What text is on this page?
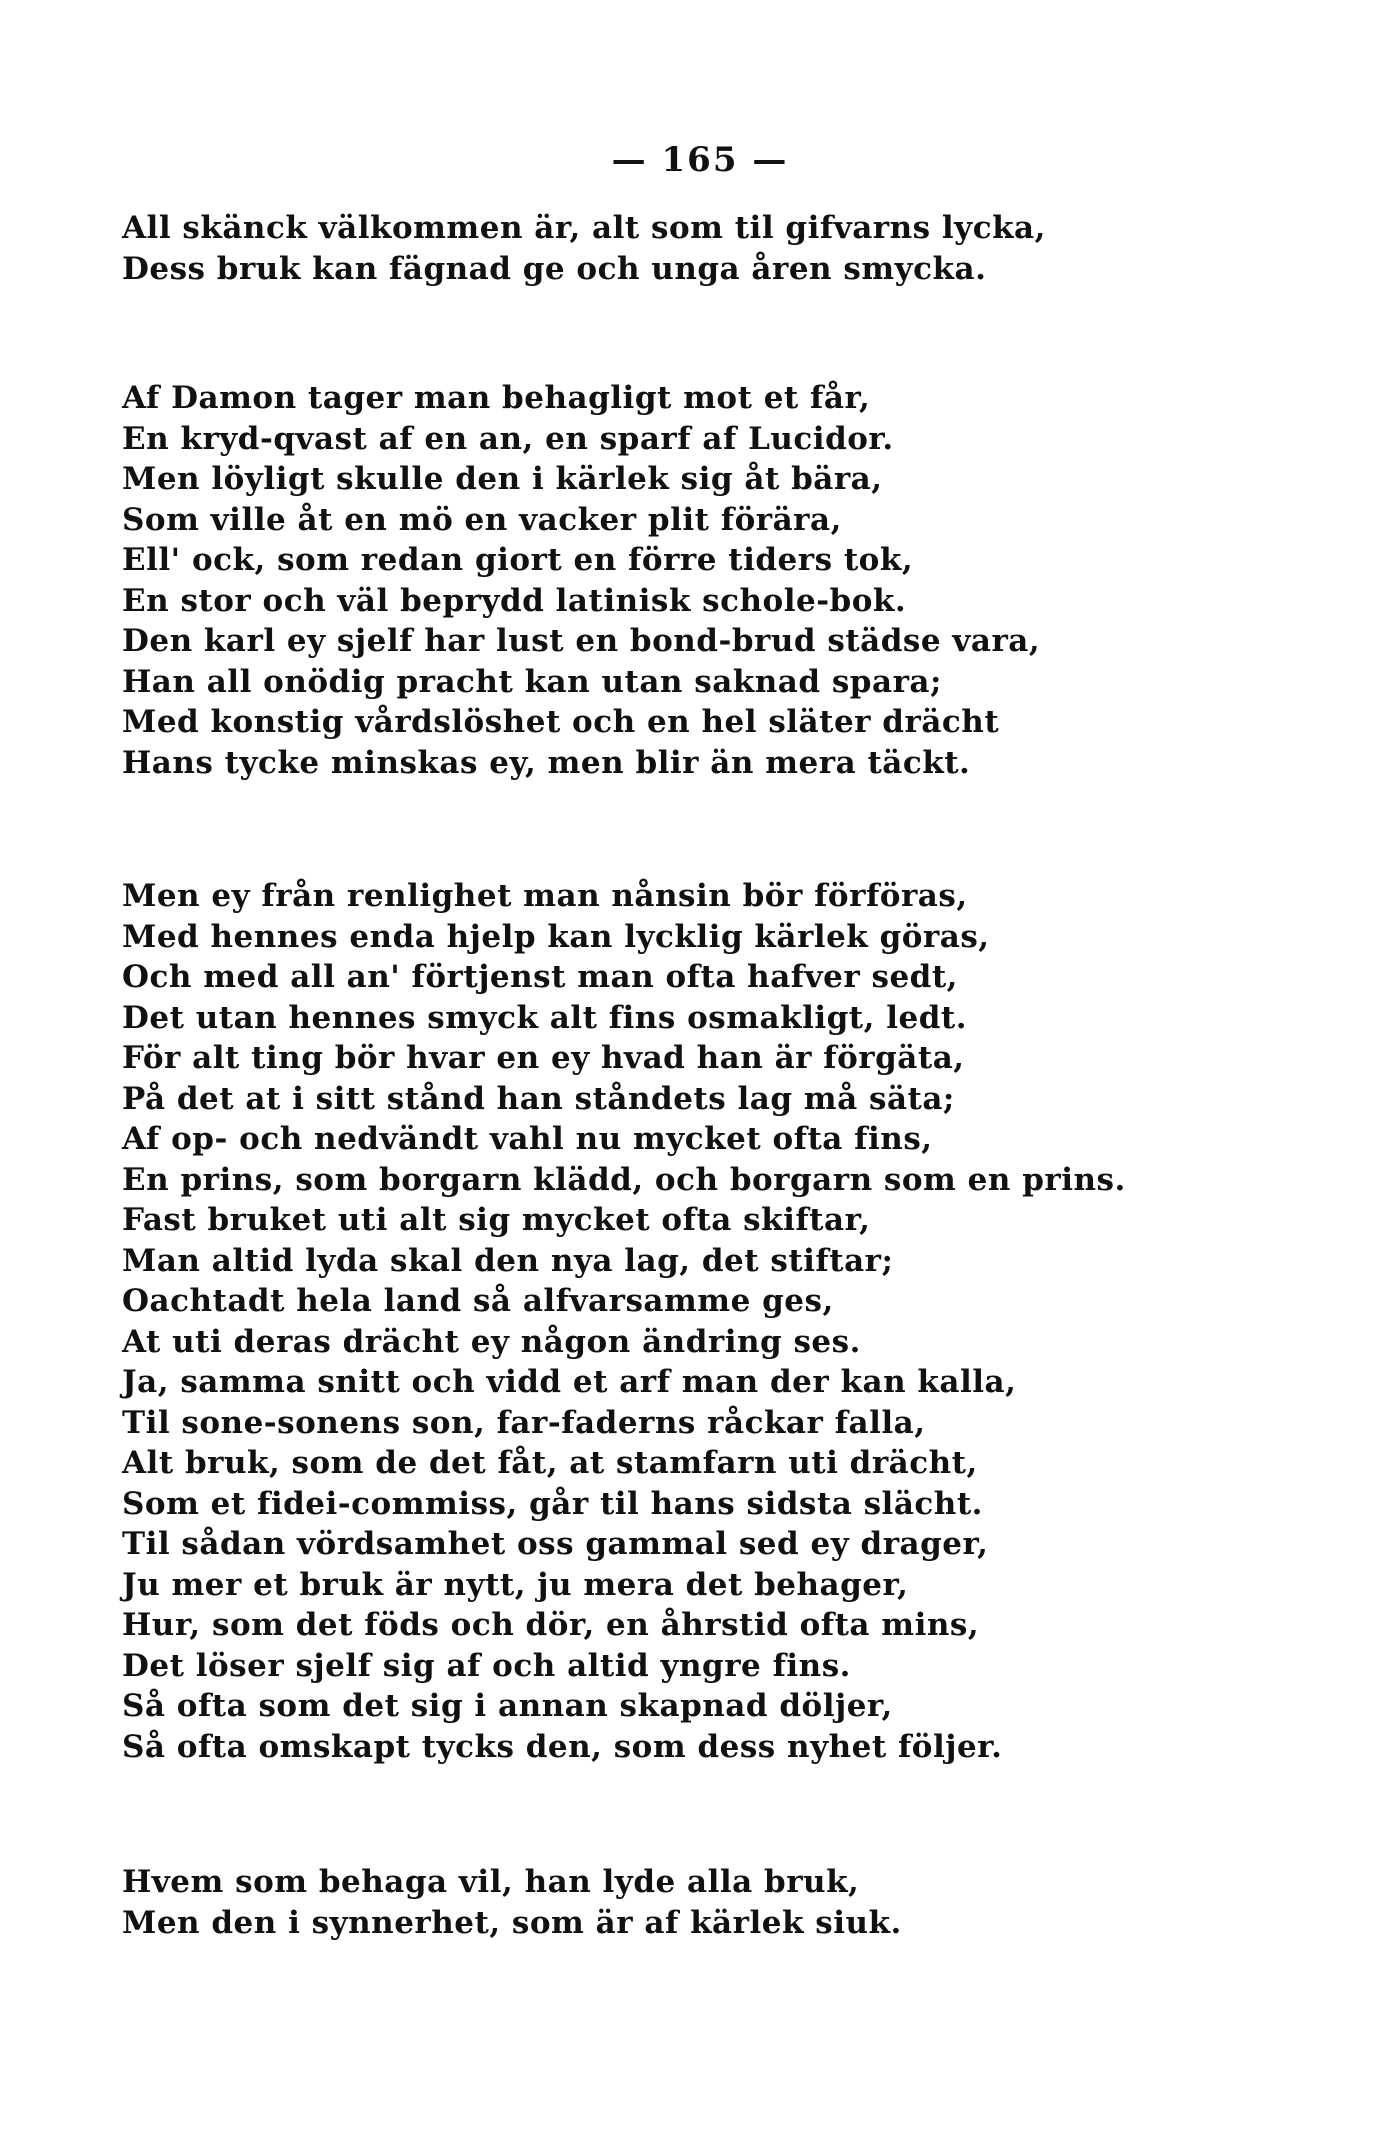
— 165 —
All skänck välkommen är, alt som til gifvarns lycka,
Dess bruk kan fägnad ge och unga åren smycka.
Af Damon tager man behagligt mot et får,
En kryd-qvast af en an, en sparf af Lucidor.
Men löyligt skulle den i kärlek sig åt bära,
Som ville åt en mö en vacker plit förära,
Ell' ock, som redan giort en förre tiders tok,
En stor och väl beprydd latinisk schole-bok.
Den karl ey sjelf har lust en bond-brud städse vara,
Han all onödig pracht kan utan saknad spara;
Med konstig vårdslöshet och en hel släter drächt
Hans tycke minskas ey, men blir än mera täckt.
Men ey från renlighet man nånsin bör förföras,
Med hennes enda hjelp kan lycklig kärlek göras,
Och med all an' förtjenst man ofta hafver sedt,
Det utan hennes smyck alt fins osmakligt, ledt.
För alt ting bör hvar en ey hvad han är förgäta,
På det at i sitt stånd han ståndets lag må säta;
Af op- och nedvändt vahl nu mycket ofta fins,
En prins, som borgarn klädd, och borgarn som en prins.
Fast bruket uti alt sig mycket ofta skiftar,
Man altid lyda skal den nya lag, det stiftar;
Oachtadt hela land så alfvarsamme ges,
At uti deras drächt ey någon ändring ses.
Ja, samma snitt och vidd et arf man der kan kalla,
Til sone-sonens son, far-faderns råckar falla,
Alt bruk, som de det fåt, at stamfarn uti drächt,
Som et fidei-commiss, går til hans sidsta slächt.
Til sådan vördsamhet oss gammal sed ey drager,
Ju mer et bruk är nytt, ju mera det behager,
Hur, som det föds och dör, en åhrstid ofta mins,
Det löser sjelf sig af och altid yngre fins.
Så ofta som det sig i annan skapnad döljer,
Så ofta omskapt tycks den, som dess nyhet följer.
Hvem som behaga vil, han lyde alla bruk,
Men den i synnerhet, som är af kärlek siuk.
